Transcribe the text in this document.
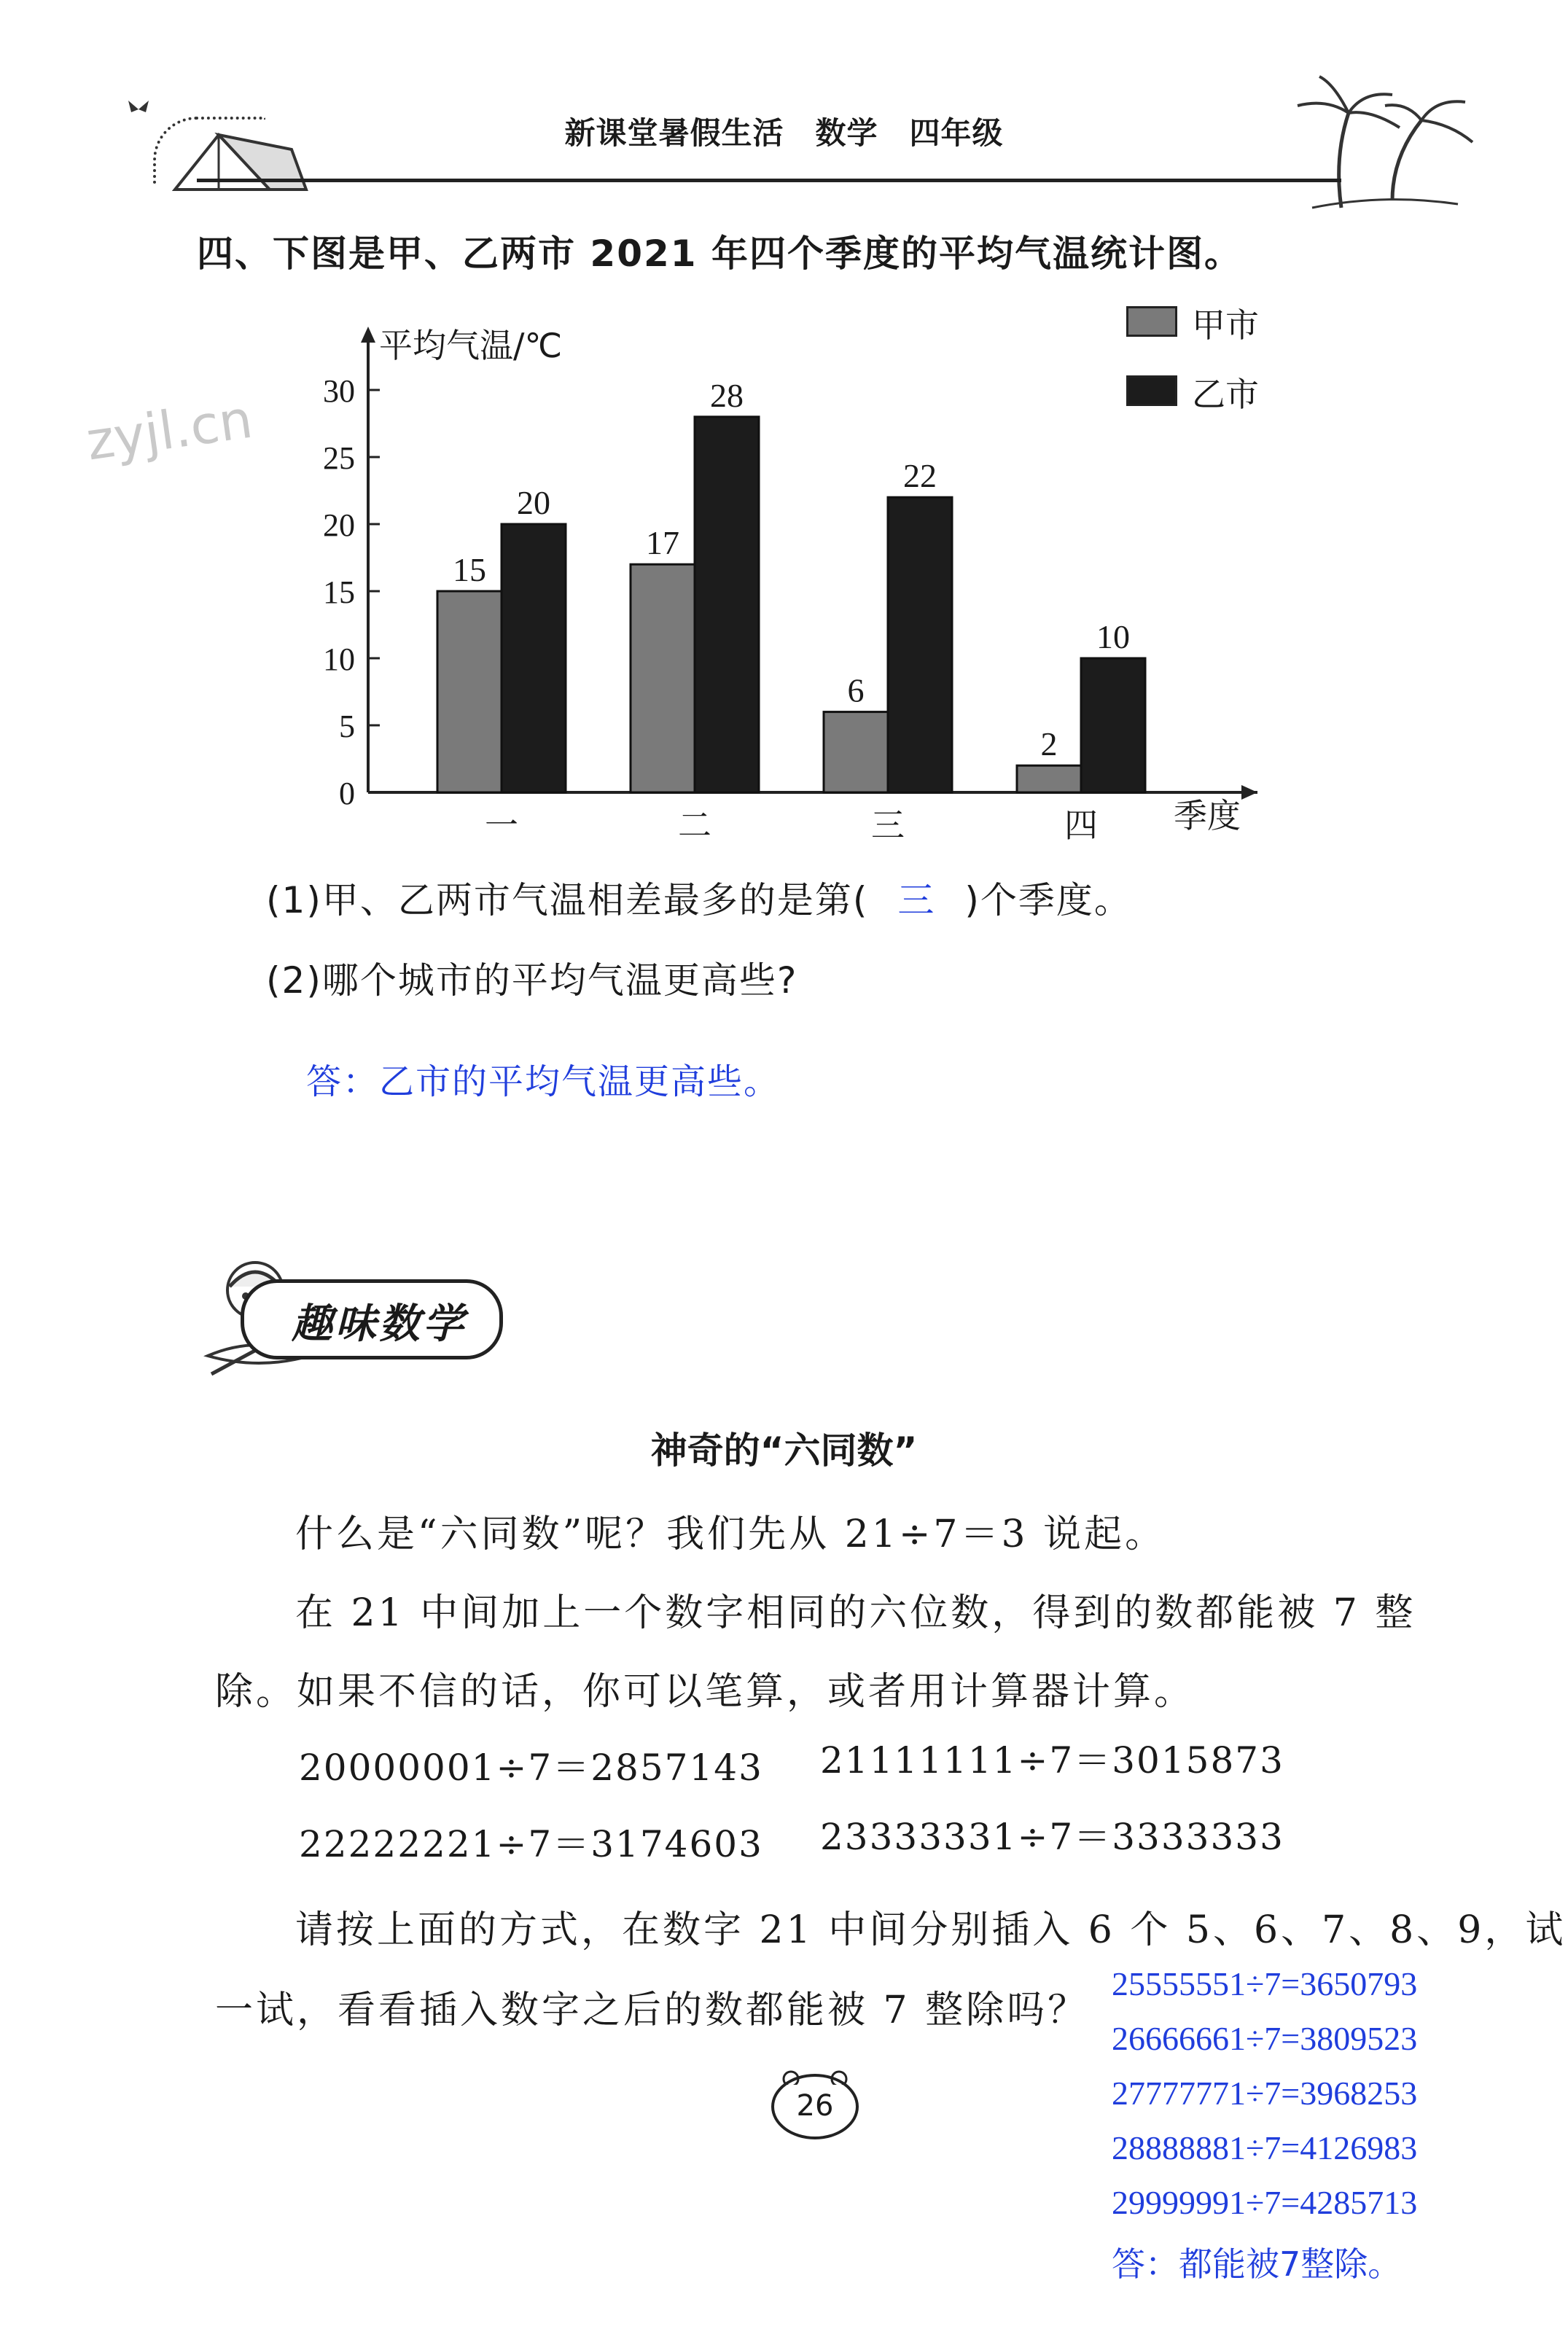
新课堂暑假生活　数学　四年级
zyjl.cn
四、下图是甲、乙两市 2021 年四个季度的平均气温统计图。
平均气温/℃
季度
0
5
10
15
20
25
30
15
20
一
17
28
二
6
22
三
2
10
四
甲市
乙市
(1)甲、乙两市气温相差最多的是第( 三 )个季度。
(2)哪个城市的平均气温更高些?
答：乙市的平均气温更高些。
趣味数学
神奇的“六同数”
什么是“六同数”呢？我们先从 21÷7＝3 说起。
在 21 中间加上一个数字相同的六位数，得到的数都能被 7 整
除。如果不信的话，你可以笔算，或者用计算器计算。
20000001÷7＝2857143 21111111÷7＝3015873
22222221÷7＝3174603 23333331÷7＝3333333
请按上面的方式，在数字 21 中间分别插入 6 个 5、6、7、8、9，试
一试，看看插入数字之后的数都能被 7 整除吗？
25555551÷7=3650793
26666661÷7=3809523
27777771÷7=3968253
28888881÷7=4126983
29999991÷7=4285713
答：都能被7整除。
26
